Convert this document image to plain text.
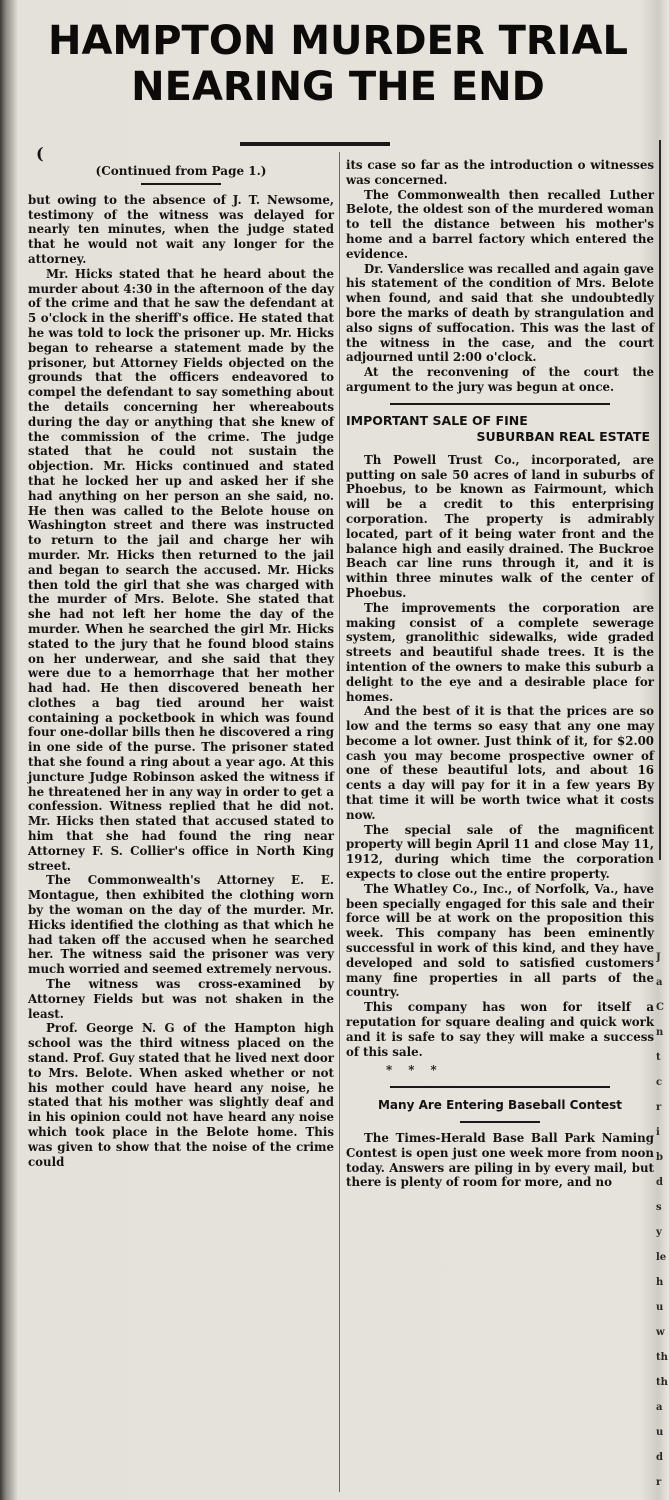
HAMPTON MURDER TRIAL
NEARING THE END
(
(Continued from Page 1.)

but owing to the absence of J. T. Newsome, testimony of the witness was delayed for nearly ten minutes, when the judge stated that he would not wait any longer for the attorney.

Mr. Hicks stated that he heard about the murder about 4:30 in the afternoon of the day of the crime and that he saw the defendant at 5 o'clock in the sheriff's office. He stated that he was told to lock the prisoner up. Mr. Hicks began to rehearse a statement made by the prisoner, but Attorney Fields objected on the grounds that the officers endeavored to compel the defendant to say something about the details concerning her whereabouts during the day or anything that she knew of the commission of the crime. The judge stated that he could not sustain the objection. Mr. Hicks continued and stated that he locked her up and asked her if she had anything on her person an she said, no. He then was called to the Belote house on Washington street and there was instructed to return to the jail and charge her wih murder. Mr. Hicks then returned to the jail and began to search the accused. Mr. Hicks then told the girl that she was charged with the murder of Mrs. Belote. She stated that she had not left her home the day of the murder. When he searched the girl Mr. Hicks stated to the jury that he found blood stains on her underwear, and she said that they were due to a hemorrhage that her mother had had. He then discovered beneath her clothes a bag tied around her waist containing a pocketbook in which was found four one-dollar bills then he discovered a ring in one side of the purse. The prisoner stated that she found a ring about a year ago. At this juncture Judge Robinson asked the witness if he threatened her in any way in order to get a confession. Witness replied that he did not. Mr. Hicks then stated that accused stated to him that she had found the ring near Attorney F. S. Collier's office in North King street.

The Commonwealth's Attorney E. E. Montague, then exhibited the clothing worn by the woman on the day of the murder. Mr. Hicks identified the clothing as that which he had taken off the accused when he searched her. The witness said the prisoner was very much worried and seemed extremely nervous.

The witness was cross-examined by Attorney Fields but was not shaken in the least.

Prof. George N. G of the Hampton high school was the third witness placed on the stand. Prof. Guy stated that he lived next door to Mrs. Belote. When asked whether or not his mother could have heard any noise, he stated that his mother was slightly deaf and in his opinion could not have heard any noise which took place in the Belote home. This was given to show that the noise of the crime could

its case so far as the introduction o witnesses was concerned.

The Commonwealth then recalled Luther Belote, the oldest son of the murdered woman to tell the distance between his mother's home and a barrel factory which entered the evidence.

Dr. Vanderslice was recalled and again gave his statement of the condition of Mrs. Belote when found, and said that she undoubtedly bore the marks of death by strangulation and also signs of suffocation. This was the last of the witness in the case, and the court adjourned until 2:00 o'clock.

At the reconvening of the court the argument to the jury was begun at once.

IMPORTANT SALE OF FINE
SUBURBAN REAL ESTATE

Th Powell Trust Co., incorporated, are putting on sale 50 acres of land in suburbs of Phoebus, to be known as Fairmount, which will be a credit to this enterprising corporation. The property is admirably located, part of it being water front and the balance high and easily drained. The Buckroe Beach car line runs through it, and it is within three minutes walk of the center of Phoebus.

The improvements the corporation are making consist of a complete sewerage system, granolithic sidewalks, wide graded streets and beautiful shade trees. It is the intention of the owners to make this suburb a delight to the eye and a desirable place for homes.

And the best of it is that the prices are so low and the terms so easy that any one may become a lot owner. Just think of it, for $2.00 cash you may become prospective owner of one of these beautiful lots, and about 16 cents a day will pay for it in a few years By that time it will be worth twice what it costs now.

The special sale of the magnificent property will begin April 11 and close May 11, 1912, during which time the corporation expects to close out the entire property.

The Whatley Co., Inc., of Norfolk, Va., have been specially engaged for this sale and their force will be at work on the proposition this week. This company has been eminently successful in work of this kind, and they have developed and sold to satisfied customers many fine properties in all parts of the country.

This company has won for itself a reputation for square dealing and quick work and it is safe to say they will make a success of this sale.

* * *
Many Are Entering Baseball Contest

The Times-Herald Base Ball Park Naming Contest is open just one week more from noon today. Answers are piling in by every mail, but there is plenty of room for more, and no

J
a
C
n
t
c
r
i
b
d
s
y
le
h
u
w
th
th
a
u
d
r
